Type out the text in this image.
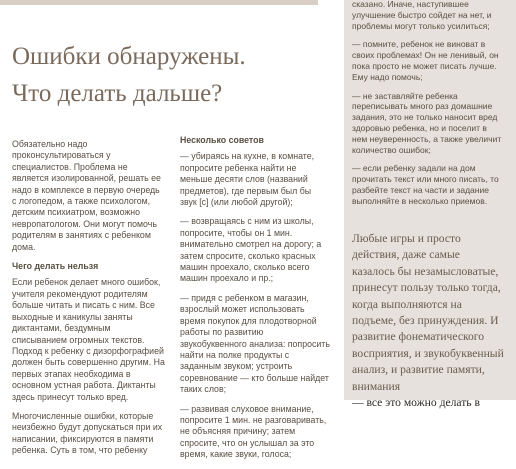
Ошибки обнаружены.
Что делать дальше?

Обязательно надо проконсультироваться у специалистов. Проблема не является изолированной, решать ее надо в комплексе в первую очередь с логопедом, а также психологом, детским психиатром, возможно невропатологом. Они могут помочь родителям в занятиях с ребенком дома.

Чего делать нельзя

Если ребенок делает много ошибок, учителя рекомендуют родителям больше читать и писать с ним. Все выходные и каникулы заняты диктантами, бездумным списыванием огромных текстов. Подход к ребенку с дизорфографией должен быть совершенно другим. На первых этапах необходима в основном устная работа. Диктанты здесь принесут только вред.

Многочисленные ошибки, которые неизбежно будут допускаться при их написании, фиксируются в памяти ребенка. Суть в том, что ребенку

Несколько советов

— убираясь на кухне, в комнате, попросите ребенка найти не меньше десяти слов (названий предметов), где первым был бы звук [с] (или любой другой);

— возвращаясь с ним из школы, попросите, чтобы он 1 мин. внимательно смотрел на дорогу; а затем спросите, сколько красных машин проехало, сколько всего машин проехало и пр.;

— придя с ребенком в магазин, взрослый может использовать время покупок для плодотворной работы по развитию звукобуквенного анализа: попросить найти на полке продукты с заданным звуком; устроить соревнование — кто больше найдет таких слов;

— развивая слуховое внимание, попросите 1 мин. не разговаривать, не объясняя причину; затем спросите, что он услышал за это время, какие звуки, голоса;

сказано. Иначе, наступившее улучшение быстро сойдет на нет, и проблемы могут только усилиться;

— помните, ребенок не виноват в своих проблемах! Он не ленивый, он пока просто не может писать лучше. Ему надо помочь;

— не заставляйте ребенка переписывать много раз домашние задания, это не только наносит вред здоровью ребенка, но и поселит в нем неуверенность, а также увеличит количество ошибок;

— если ребенку задали на дом прочитать текст или много писать, то разбейте текст на части и задание выполняйте в несколько приемов.

Любые игры и просто действия, даже самые казалось бы незамысловатые, принесут пользу только тогда, когда выполняются на подъеме, без принуждения. И развитие фонематического восприятия, и звукобуквенный анализ, и развитие памяти, внимания
— все это можно делать в
